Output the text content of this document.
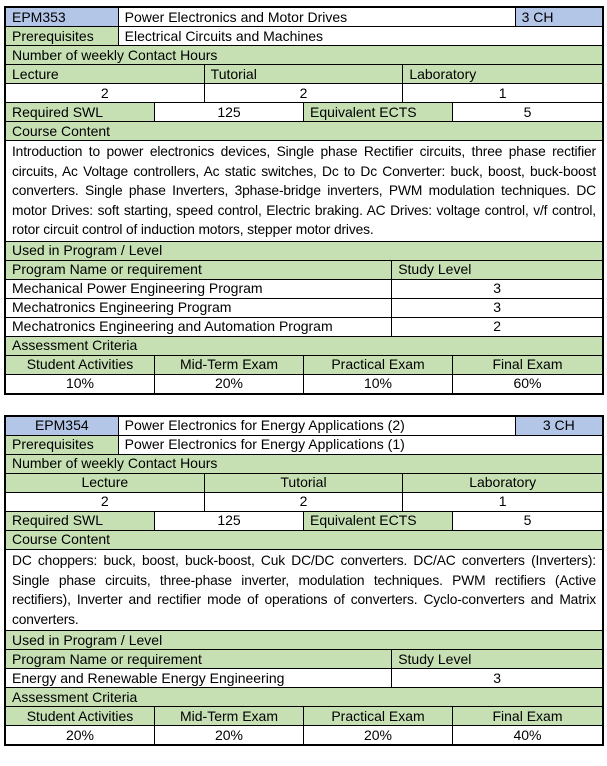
EPM353	Power Electronics and Motor Drives	3 CH
Prerequisites	Electrical Circuits and Machines
Number of weekly Contact Hours
Lecture	Tutorial	Laboratory
2	2	1
Required SWL	125	Equivalent ECTS	5
Course Content
Introduction to power electronics devices, Single phase Rectifier circuits, three phase rectifier circuits, Ac Voltage controllers, Ac static switches, Dc to Dc Converter: buck, boost, buck-boost converters. Single phase Inverters, 3phase-bridge inverters, PWM modulation techniques. DC motor Drives: soft starting, speed control, Electric braking. AC Drives: voltage control, v/f control, rotor circuit control of induction motors, stepper motor drives.
Used in Program / Level
Program Name or requirement	Study Level
Mechanical Power Engineering Program	3
Mechatronics Engineering Program	3
Mechatronics Engineering and Automation Program	2
Assessment Criteria
Student Activities	Mid-Term Exam	Practical Exam	Final Exam
10%	20%	10%	60%
EPM354	Power Electronics for Energy Applications (2)	3 CH
Prerequisites	Power Electronics for Energy Applications (1)
Number of weekly Contact Hours
Lecture	Tutorial	Laboratory
2	2	1
Required SWL	125	Equivalent ECTS	5
Course Content
DC choppers: buck, boost, buck-boost, Cuk DC/DC converters. DC/AC converters (Inverters): Single phase circuits, three-phase inverter, modulation techniques. PWM rectifiers (Active rectifiers), Inverter and rectifier mode of operations of converters. Cyclo-converters and Matrix converters.
Used in Program / Level
Program Name or requirement	Study Level
Energy and Renewable Energy Engineering	3
Assessment Criteria
Student Activities	Mid-Term Exam	Practical Exam	Final Exam
20%	20%	20%	40%
